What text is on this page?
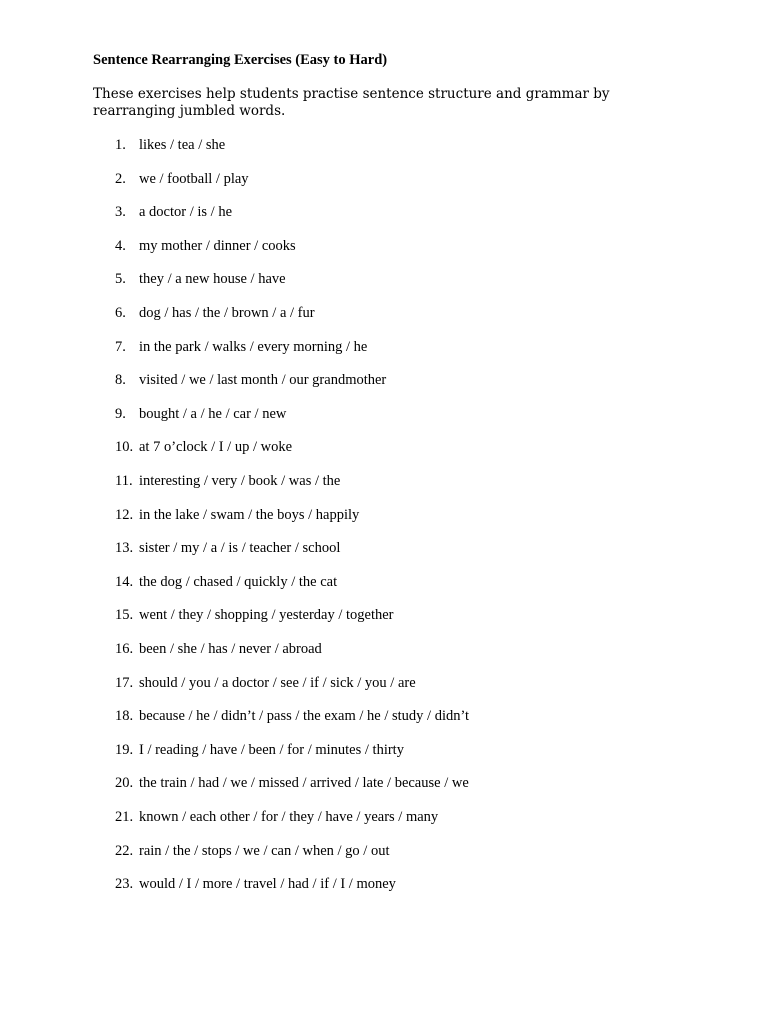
Sentence Rearranging Exercises (Easy to Hard)
These exercises help students practise sentence structure and grammar by rearranging jumbled words.
1. likes / tea / she
2. we / football / play
3. a doctor / is / he
4. my mother / dinner / cooks
5. they / a new house / have
6. dog / has / the / brown / a / fur
7. in the park / walks / every morning / he
8. visited / we / last month / our grandmother
9. bought / a / he / car / new
10. at 7 o’clock / I / up / woke
11. interesting / very / book / was / the
12. in the lake / swam / the boys / happily
13. sister / my / a / is / teacher / school
14. the dog / chased / quickly / the cat
15. went / they / shopping / yesterday / together
16. been / she / has / never / abroad
17. should / you / a doctor / see / if / sick / you / are
18. because / he / didn’t / pass / the exam / he / study / didn’t
19. I / reading / have / been / for / minutes / thirty
20. the train / had / we / missed / arrived / late / because / we
21. known / each other / for / they / have / years / many
22. rain / the / stops / we / can / when / go / out
23. would / I / more / travel / had / if / I / money
